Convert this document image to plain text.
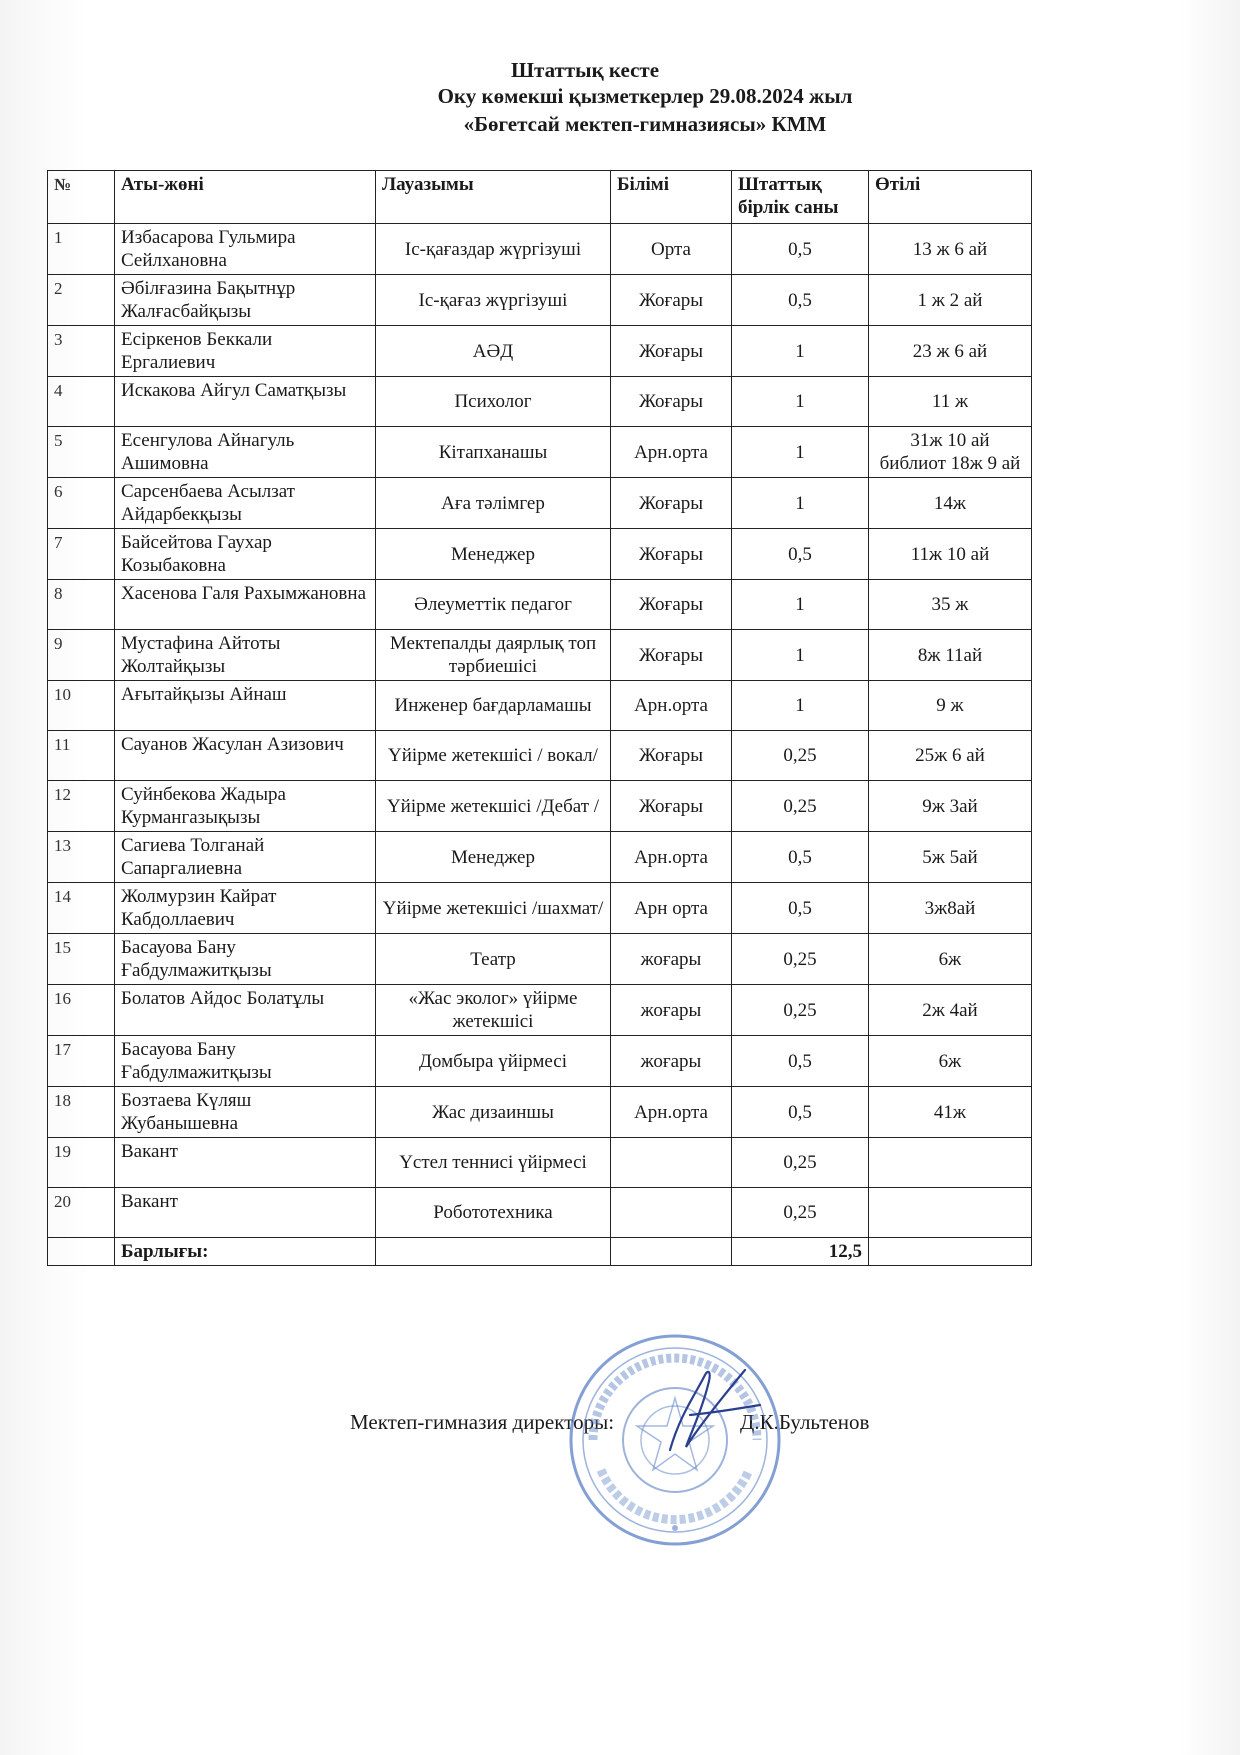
Штаттық кесте
Оку көмекші қызметкерлер 29.08.2024 жыл
«Бөгетсай мектеп-гимназиясы» КММ
№	Аты-жөні	Лауазымы	Білімі	Штаттық бірлік саны	Өтілі
1	Избасарова Гульмира Сейлхановна	Іс-қағаздар жүргізуші	Орта	0,5	13 ж 6 ай
2	Әбілғазина Бақытнұр Жалғасбайқызы	Іс-қағаз жүргізуші	Жоғары	0,5	1 ж 2 ай
3	Есіркенов Беккали Ергалиевич	АӘД	Жоғары	1	23 ж 6 ай
4	Искакова Айгул Саматқызы	Психолог	Жоғары	1	11 ж
5	Есенгулова Айнагуль Ашимовна	Кітапханашы	Арн.орта	1	31ж 10 ай библиот 18ж 9 ай
6	Сарсенбаева Асылзат Айдарбекқызы	Аға тәлімгер	Жоғары	1	14ж
7	Байсейтова Гаухар Козыбаковна	Менеджер	Жоғары	0,5	11ж 10 ай
8	Хасенова Галя Рахымжановна	Әлеуметтік педагог	Жоғары	1	35 ж
9	Мустафина Айтоты Жолтайқызы	Мектепалды даярлық топ тәрбиешісі	Жоғары	1	8ж 11ай
10	Ағытайқызы Айнаш	Инженер бағдарламашы	Арн.орта	1	9 ж
11	Сауанов Жасулан Азизович	Үйірме жетекшісі / вокал/	Жоғары	0,25	25ж 6 ай
12	Суйнбекова Жадыра Курмангазықызы	Үйірме жетекшісі /Дебат /	Жоғары	0,25	9ж 3ай
13	Сагиева Толганай Сапаргалиевна	Менеджер	Арн.орта	0,5	5ж 5ай
14	Жолмурзин Кайрат Кабдоллаевич	Үйірме жетекшісі /шахмат/	Арн орта	0,5	3ж8ай
15	Басауова Бану Ғабдулмажитқызы	Театр	жоғары	0,25	6ж
16	Болатов Айдос Болатұлы	«Жас эколог» үйірме жетекшісі	жоғары	0,25	2ж 4ай
17	Басауова Бану Ғабдулмажитқызы	Домбыра үйірмесі	жоғары	0,5	6ж
18	Бозтаева Күляш Жубанышевна	Жас дизаиншы	Арн.орта	0,5	41ж
19	Вакант	Үстел теннисі үйірмесі		0,25	
20	Вакант	Робототехника		0,25	
	Барлығы:			12,5	
Мектеп-гимназия директоры:	Д.К.Бультенов
